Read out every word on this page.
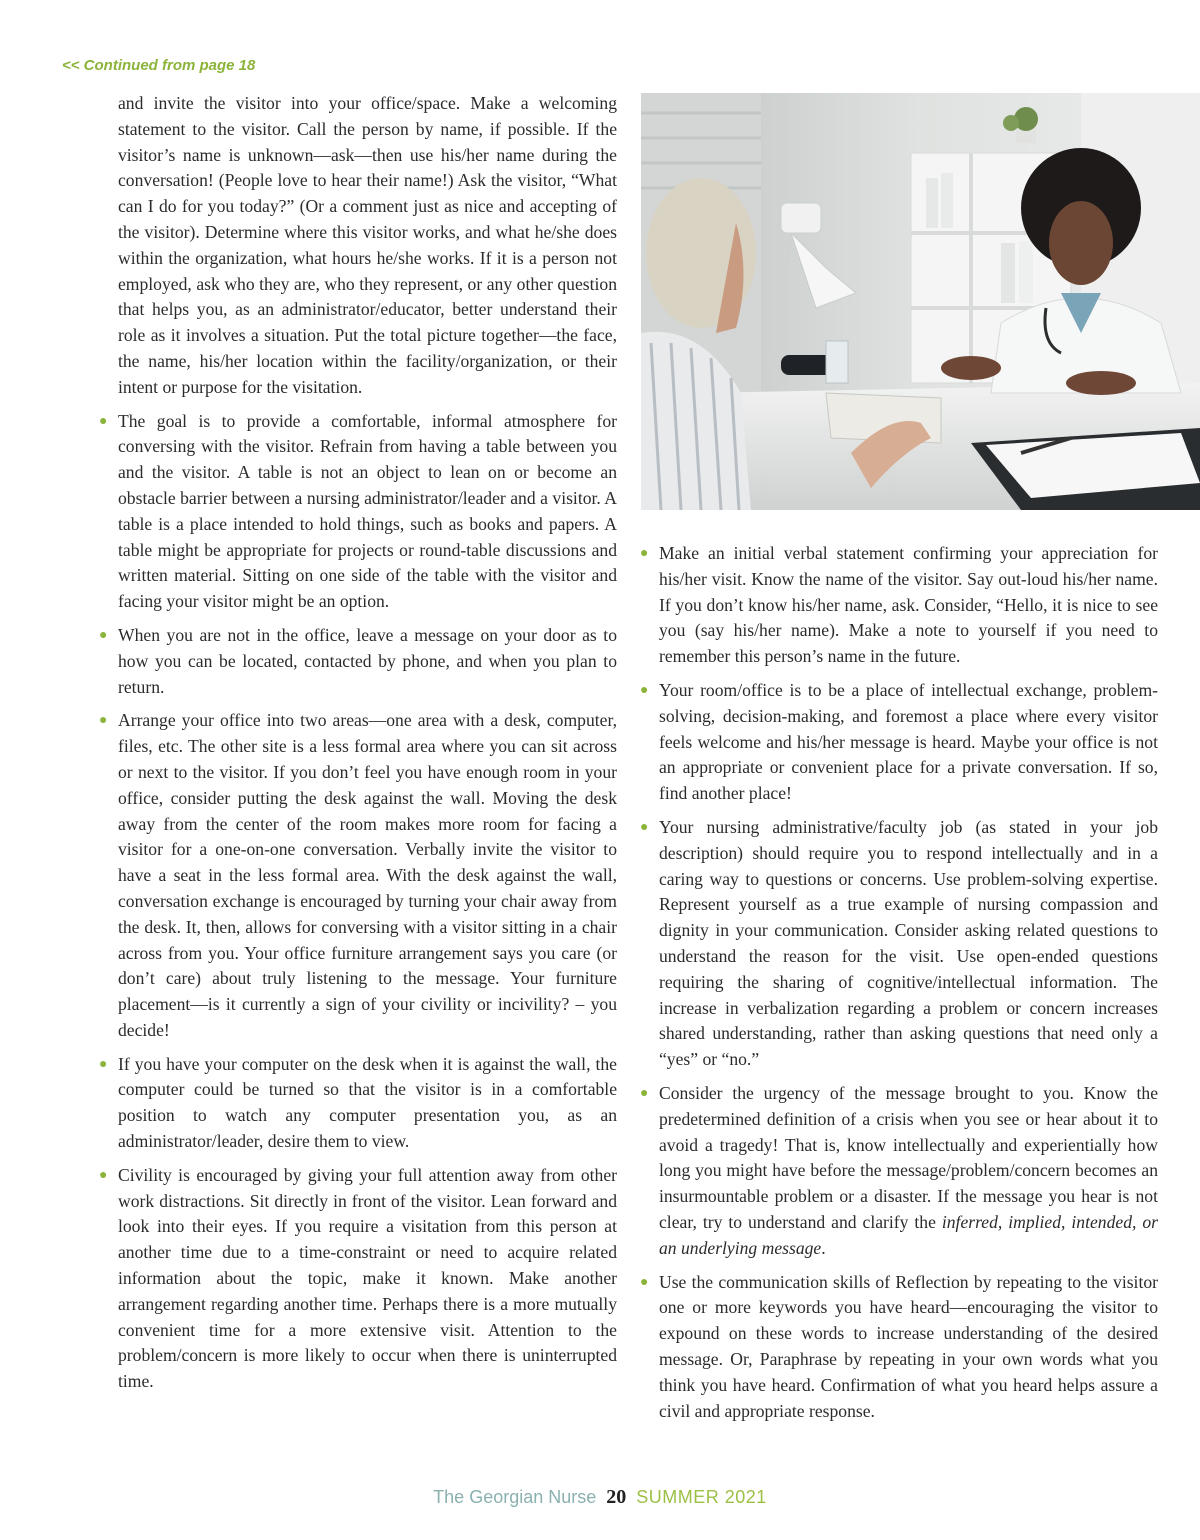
<< Continued from page 18

and invite the visitor into your office/space. Make a welcoming statement to the visitor. Call the person by name, if possible. If the visitor’s name is unknown—ask—then use his/her name during the conversation! (People love to hear their name!) Ask the visitor, “What can I do for you today?” (Or a comment just as nice and accepting of the visitor). Determine where this visitor works, and what he/she does within the organization, what hours he/she works. If it is a person not employed, ask who they are, who they represent, or any other question that helps you, as an administrator/educator, better understand their role as it involves a situation. Put the total picture together—the face, the name, his/her location within the facility/organization, or their intent or purpose for the visitation.

● The goal is to provide a comfortable, informal atmosphere for conversing with the visitor. Refrain from having a table between you and the visitor. A table is not an object to lean on or become an obstacle barrier between a nursing administrator/leader and a visitor. A table is a place intended to hold things, such as books and papers. A table might be appropriate for projects or round-table discussions and written material. Sitting on one side of the table with the visitor and facing your visitor might be an option.

● When you are not in the office, leave a message on your door as to how you can be located, contacted by phone, and when you plan to return.

● Arrange your office into two areas—one area with a desk, computer, files, etc. The other site is a less formal area where you can sit across or next to the visitor. If you don’t feel you have enough room in your office, consider putting the desk against the wall. Moving the desk away from the center of the room makes more room for facing a visitor for a one-on-one conversation. Verbally invite the visitor to have a seat in the less formal area. With the desk against the wall, conversation exchange is encouraged by turning your chair away from the desk. It, then, allows for conversing with a visitor sitting in a chair across from you. Your office furniture arrangement says you care (or don’t care) about truly listening to the message. Your furniture placement—is it currently a sign of your civility or incivility? – you decide!

● If you have your computer on the desk when it is against the wall, the computer could be turned so that the visitor is in a comfortable position to watch any computer presentation you, as an administrator/leader, desire them to view.

● Civility is encouraged by giving your full attention away from other work distractions. Sit directly in front of the visitor. Lean forward and look into their eyes. If you require a visitation from this person at another time due to a time-constraint or need to acquire related information about the topic, make it known. Make another arrangement regarding another time. Perhaps there is a more mutually convenient time for a more extensive visit. Attention to the problem/concern is more likely to occur when there is uninterrupted time.

● Make an initial verbal statement confirming your appreciation for his/her visit. Know the name of the visitor. Say out-loud his/her name. If you don’t know his/her name, ask. Consider, “Hello, it is nice to see you (say his/her name). Make a note to yourself if you need to remember this person’s name in the future.

● Your room/office is to be a place of intellectual exchange, problem-solving, decision-making, and foremost a place where every visitor feels welcome and his/her message is heard. Maybe your office is not an appropriate or convenient place for a private conversation. If so, find another place!

● Your nursing administrative/faculty job (as stated in your job description) should require you to respond intellectually and in a caring way to questions or concerns. Use problem-solving expertise. Represent yourself as a true example of nursing compassion and dignity in your communication. Consider asking related questions to understand the reason for the visit. Use open-ended questions requiring the sharing of cognitive/intellectual information. The increase in verbalization regarding a problem or concern increases shared understanding, rather than asking questions that need only a “yes” or “no.”

● Consider the urgency of the message brought to you. Know the predetermined definition of a crisis when you see or hear about it to avoid a tragedy! That is, know intellectually and experientially how long you might have before the message/problem/concern becomes an insurmountable problem or a disaster. If the message you hear is not clear, try to understand and clarify the inferred, implied, intended, or an underlying message.

● Use the communication skills of Reflection by repeating to the visitor one or more keywords you have heard—encouraging the visitor to expound on these words to increase understanding of the desired message. Or, Paraphrase by repeating in your own words what you think you have heard. Confirmation of what you heard helps assure a civil and appropriate response.

The Georgian Nurse 20 SUMMER 2021
